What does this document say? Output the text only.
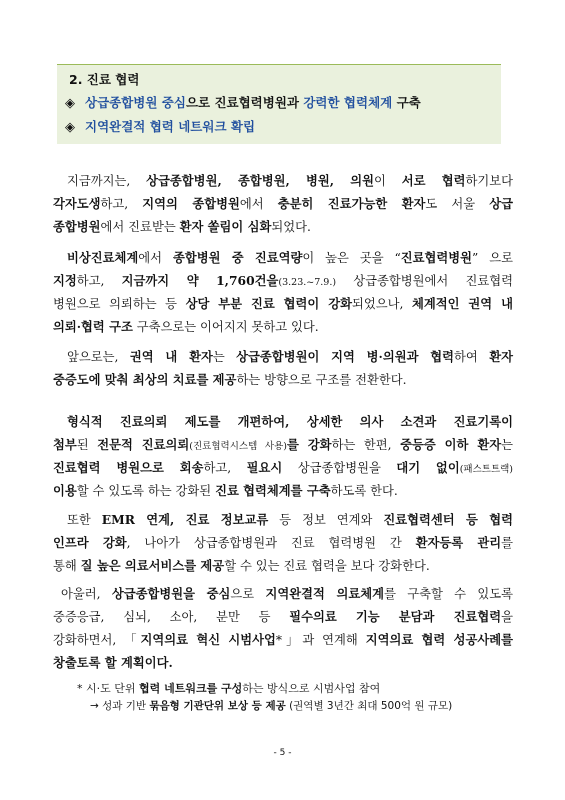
2. 진료 협력
◈ 상급종합병원 중심으로 진료협력병원과 강력한 협력체계 구축
◈ 지역완결적 협력 네트워크 확립
지금까지는, 상급종합병원, 종합병원, 병원, 의원이 서로 협력하기보다
각자도생하고, 지역의 종합병원에서 충분히 진료가능한 환자도 서울 상급
종합병원에서 진료받는 환자 쏠림이 심화되었다.
비상진료체계에서 종합병원 중 진료역량이 높은 곳을 “진료협력병원” 으로
지정하고, 지금까지 약 1,760건을(3.23.~7.9.) 상급종합병원에서 진료협력
병원으로 의뢰하는 등 상당 부분 진료 협력이 강화되었으나, 체계적인 권역 내
의뢰·협력 구조 구축으로는 이어지지 못하고 있다.
앞으로는, 권역 내 환자는 상급종합병원이 지역 병·의원과 협력하여 환자
중증도에 맞춰 최상의 치료를 제공하는 방향으로 구조를 전환한다.
형식적 진료의뢰 제도를 개편하여, 상세한 의사 소견과 진료기록이
첨부된 전문적 진료의뢰(진료협력시스템 사용)를 강화하는 한편, 중등증 이하 환자는
진료협력 병원으로 회송하고, 필요시 상급종합병원을 대기 없이(패스트트랙)
이용할 수 있도록 하는 강화된 진료 협력체계를 구축하도록 한다.
또한 EMR 연계, 진료 정보교류 등 정보 연계와 진료협력센터 등 협력
인프라 강화, 나아가 상급종합병원과 진료 협력병원 간 환자등록 관리를
통해 질 높은 의료서비스를 제공할 수 있는 진료 협력을 보다 강화한다.
아울러, 상급종합병원을 중심으로 지역완결적 의료체계를 구축할 수 있도록
중증응급, 심뇌, 소아, 분만 등 필수의료 기능 분담과 진료협력을
강화하면서, 「지역의료 혁신 시범사업*」과 연계해 지역의료 협력 성공사례를
창출토록 할 계획이다.
* 시·도 단위 협력 네트워크를 구성하는 방식으로 시범사업 참여
→ 성과 기반 묶음형 기관단위 보상 등 제공 (권역별 3년간 최대 500억 원 규모)
- 5 -
